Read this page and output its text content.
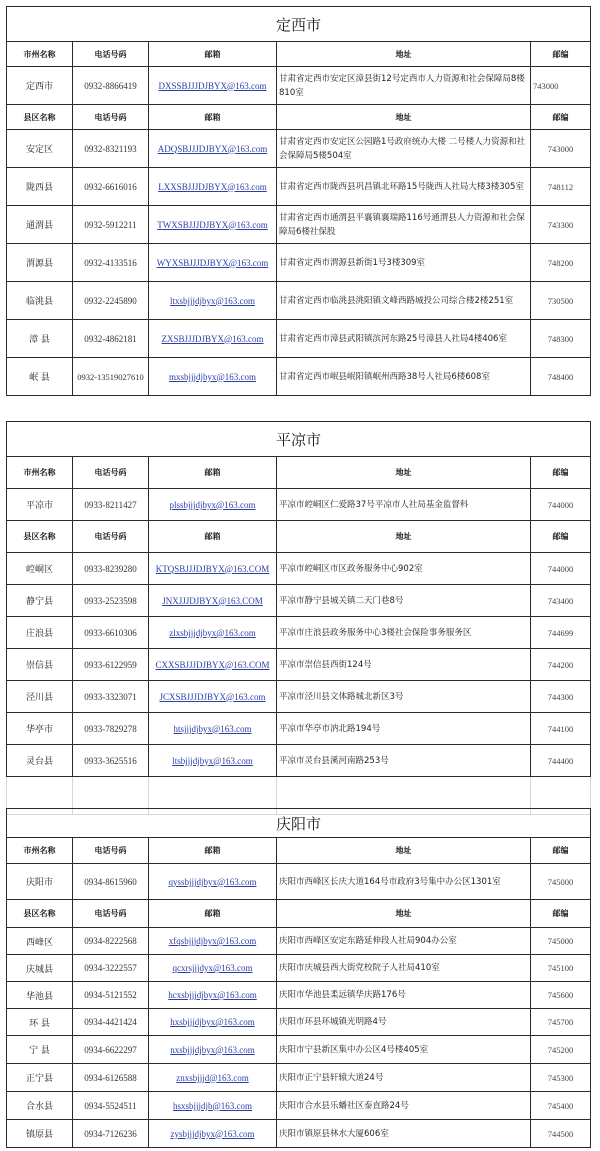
定西市				
市州名称	电话号码	邮箱	地址	邮编
定西市	0932-8866419	DXSSBJJJDJBYX@163.com	甘肃省定西市安定区漳县街12号定西市人力资源和社会保障局8楼810室	743000
县区名称	电话号码	邮箱	地址	邮编
安定区	0932-8321193	ADQSBJJJDJBYX@163.com	甘肃省定西市安定区公园路1号政府统办大楼 二号楼人力资源和社会保障局5楼504室	743000
陇西县	0932-6616016	LXXSBJJJDJBYX@163.com	甘肃省定西市陇西县巩昌镇北环路15号陇西人社局大楼3楼305室	748112
通渭县	0932-5912211	TWXSBJJJDJBYX@163.com	甘肃省定西市通渭县平襄镇襄瑞路116号通渭县人力资源和社会保障局6楼社保股	743300
渭源县	0932-4133516	WYXSBJJJDJBYX@163.com	甘肃省定西市渭源县新街1号3楼309室	748200
临洮县	0932-2245890	ltxsbjjjdjbyx@163.com	甘肃省定西市临洮县洮阳镇文峰西路城投公司综合楼2楼251室	730500
漳 县	0932-4862181	ZXSBJJJDJBYX@163.com	甘肃省定西市漳县武阳镇滨河东路25号漳县人社局4楼406室	748300
岷 县	0932-13519027610	mxsbjjjdjbyx@163.com	甘肃省定西市岷县岷阳镇岷州西路38号人社局6楼608室	748400
平凉市				
市州名称	电话号码	邮箱	地址	邮编
平凉市	0933-8211427	plssbjjjdjbyx@163.com	平凉市崆峒区仁爱路37号平凉市人社局基金监督科	744000
县区名称	电话号码	邮箱	地址	邮编
崆峒区	0933-8239280	KTQSBJJJDJBYX@163.COM	平凉市崆峒区市区政务服务中心902室	744000
静宁县	0933-2523598	JNXJJJDJBYX@163.COM	平凉市静宁县城关镇二天门巷8号	743400
庄浪县	0933-6610306	zlxsbjjjdjbyx@163.com	平凉市庄浪县政务服务中心3楼社会保险事务服务区	744699
崇信县	0933-6122959	CXXSBJJJDJBYX@163.COM	平凉市崇信县西街124号	744200
泾川县	0933-3323071	JCXSBJJJDJBYX@163.com	平凉市泾川县文体路城北新区3号	744300
华亭市	0933-7829278	htsjjjdjbyx@163.com	平凉市华亭市汭北路194号	744100
灵台县	0933-3625516	ltsbjjjdjbyx@163.com	平凉市灵台县溪河南路253号	744400

庆阳市				
市州名称	电话号码	邮箱	地址	邮编
庆阳市	0934-8615960	qyssbjjjdjbyx@163.com	庆阳市西峰区长庆大道164号市政府3号集中办公区1301室	745000
县区名称	电话号码	邮箱	地址	邮编
西峰区	0934-8222568	xfqsbjjjdjbyx@163.com	庆阳市西峰区安定东路延伸段人社局904办公室	745000
庆城县	0934-3222557	qcxrsjjjdyx@163.com	庆阳市庆城县西大街党校院子人社局410室	745100
华池县	0934-5121552	hcxsbjjjdjbyx@163.com	庆阳市华池县柔远镇华庆路176号	745600
环 县	0934-4421424	hxsbjjjdjbyx@163.com	庆阳市环县环城镇光明路4号	745700
宁 县	0934-6622297	nxsbjjjdjbyx@163.com	庆阳市宁县新区集中办公区4号楼405室	745200
正宁县	0934-6126588	znxsbjjjd@163.com	庆阳市正宁县轩辕大道24号	745300
合水县	0934-5524511	hsxsbjjjdjb@163.com	庆阳市合水县乐蟠社区泰直路24号	745400
镇原县	0934-7126236	zysbjjjdjbyx@163.com	庆阳市镇原县林水大厦606室	744500
